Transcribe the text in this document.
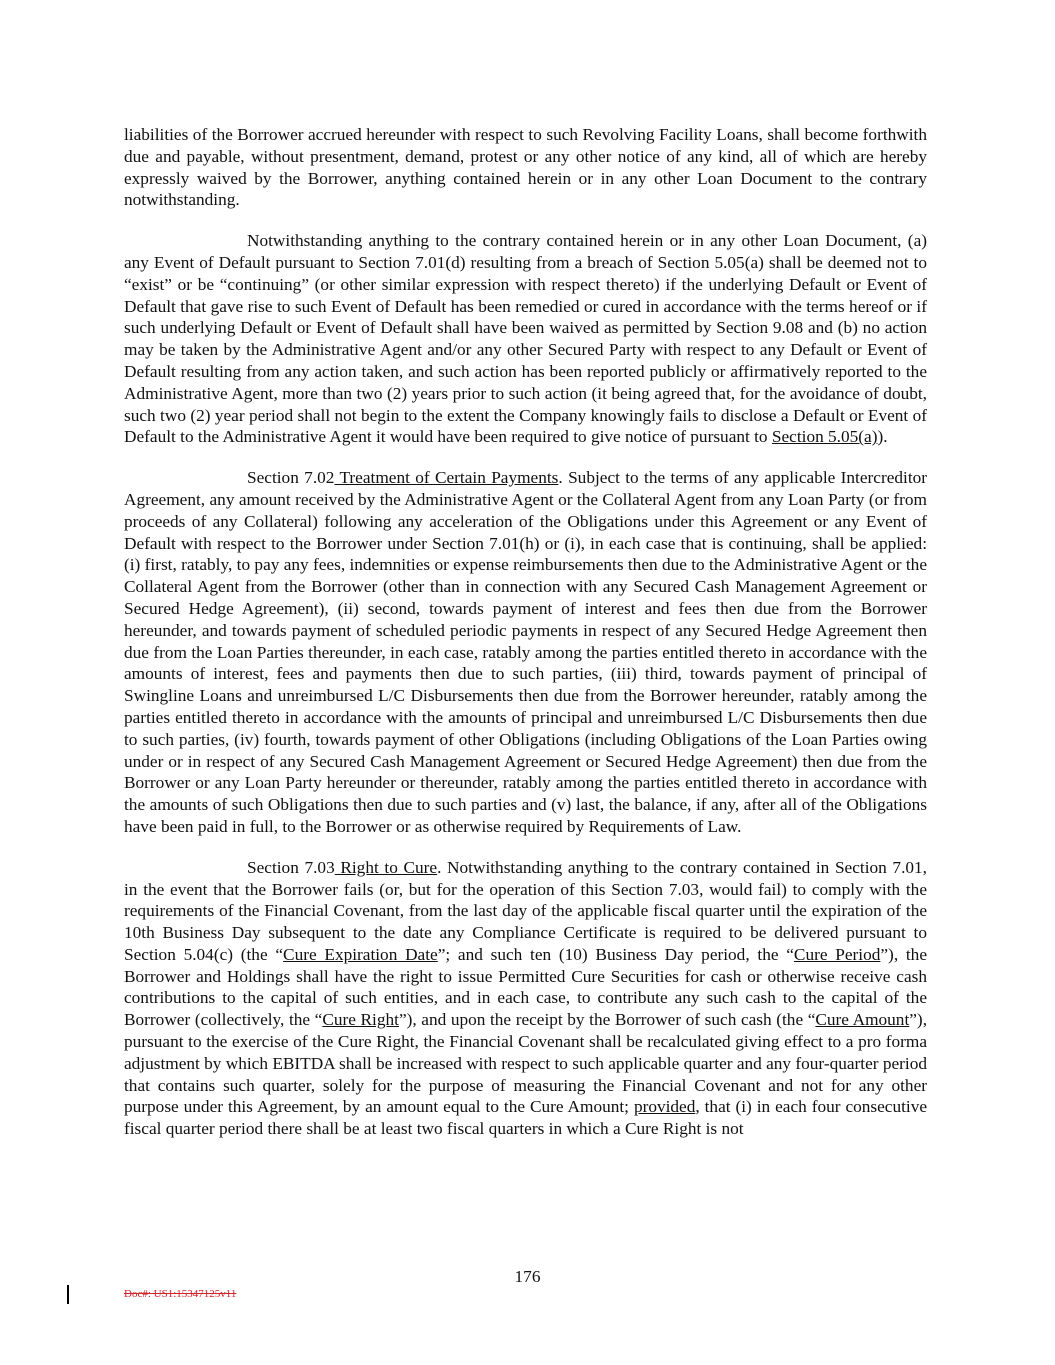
liabilities of the Borrower accrued hereunder with respect to such Revolving Facility Loans, shall become forthwith due and payable, without presentment, demand, protest or any other notice of any kind, all of which are hereby expressly waived by the Borrower, anything contained herein or in any other Loan Document to the contrary notwithstanding.

Notwithstanding anything to the contrary contained herein or in any other Loan Document, (a) any Event of Default pursuant to Section 7.01(d) resulting from a breach of Section 5.05(a) shall be deemed not to “exist” or be “continuing” (or other similar expression with respect thereto) if the underlying Default or Event of Default that gave rise to such Event of Default has been remedied or cured in accordance with the terms hereof or if such underlying Default or Event of Default shall have been waived as permitted by Section 9.08 and (b) no action may be taken by the Administrative Agent and/or any other Secured Party with respect to any Default or Event of Default resulting from any action taken, and such action has been reported publicly or affirmatively reported to the Administrative Agent, more than two (2) years prior to such action (it being agreed that, for the avoidance of doubt, such two (2) year period shall not begin to the extent the Company knowingly fails to disclose a Default or Event of Default to the Administrative Agent it would have been required to give notice of pursuant to Section 5.05(a)).

Section 7.02 Treatment of Certain Payments. Subject to the terms of any applicable Intercreditor Agreement, any amount received by the Administrative Agent or the Collateral Agent from any Loan Party (or from proceeds of any Collateral) following any acceleration of the Obligations under this Agreement or any Event of Default with respect to the Borrower under Section 7.01(h) or (i), in each case that is continuing, shall be applied: (i) first, ratably, to pay any fees, indemnities or expense reimbursements then due to the Administrative Agent or the Collateral Agent from the Borrower (other than in connection with any Secured Cash Management Agreement or Secured Hedge Agreement), (ii) second, towards payment of interest and fees then due from the Borrower hereunder, and towards payment of scheduled periodic payments in respect of any Secured Hedge Agreement then due from the Loan Parties thereunder, in each case, ratably among the parties entitled thereto in accordance with the amounts of interest, fees and payments then due to such parties, (iii) third, towards payment of principal of Swingline Loans and unreimbursed L/C Disbursements then due from the Borrower hereunder, ratably among the parties entitled thereto in accordance with the amounts of principal and unreimbursed L/C Disbursements then due to such parties, (iv) fourth, towards payment of other Obligations (including Obligations of the Loan Parties owing under or in respect of any Secured Cash Management Agreement or Secured Hedge Agreement) then due from the Borrower or any Loan Party hereunder or thereunder, ratably among the parties entitled thereto in accordance with the amounts of such Obligations then due to such parties and (v) last, the balance, if any, after all of the Obligations have been paid in full, to the Borrower or as otherwise required by Requirements of Law.

Section 7.03 Right to Cure. Notwithstanding anything to the contrary contained in Section 7.01, in the event that the Borrower fails (or, but for the operation of this Section 7.03, would fail) to comply with the requirements of the Financial Covenant, from the last day of the applicable fiscal quarter until the expiration of the 10th Business Day subsequent to the date any Compliance Certificate is required to be delivered pursuant to Section 5.04(c) (the “Cure Expiration Date”; and such ten (10) Business Day period, the “Cure Period”), the Borrower and Holdings shall have the right to issue Permitted Cure Securities for cash or otherwise receive cash contributions to the capital of such entities, and in each case, to contribute any such cash to the capital of the Borrower (collectively, the “Cure Right”), and upon the receipt by the Borrower of such cash (the “Cure Amount”), pursuant to the exercise of the Cure Right, the Financial Covenant shall be recalculated giving effect to a pro forma adjustment by which EBITDA shall be increased with respect to such applicable quarter and any four-quarter period that contains such quarter, solely for the purpose of measuring the Financial Covenant and not for any other purpose under this Agreement, by an amount equal to the Cure Amount; provided, that (i) in each four consecutive fiscal quarter period there shall be at least two fiscal quarters in which a Cure Right is not

176
Doc#: US1:15347125v11
